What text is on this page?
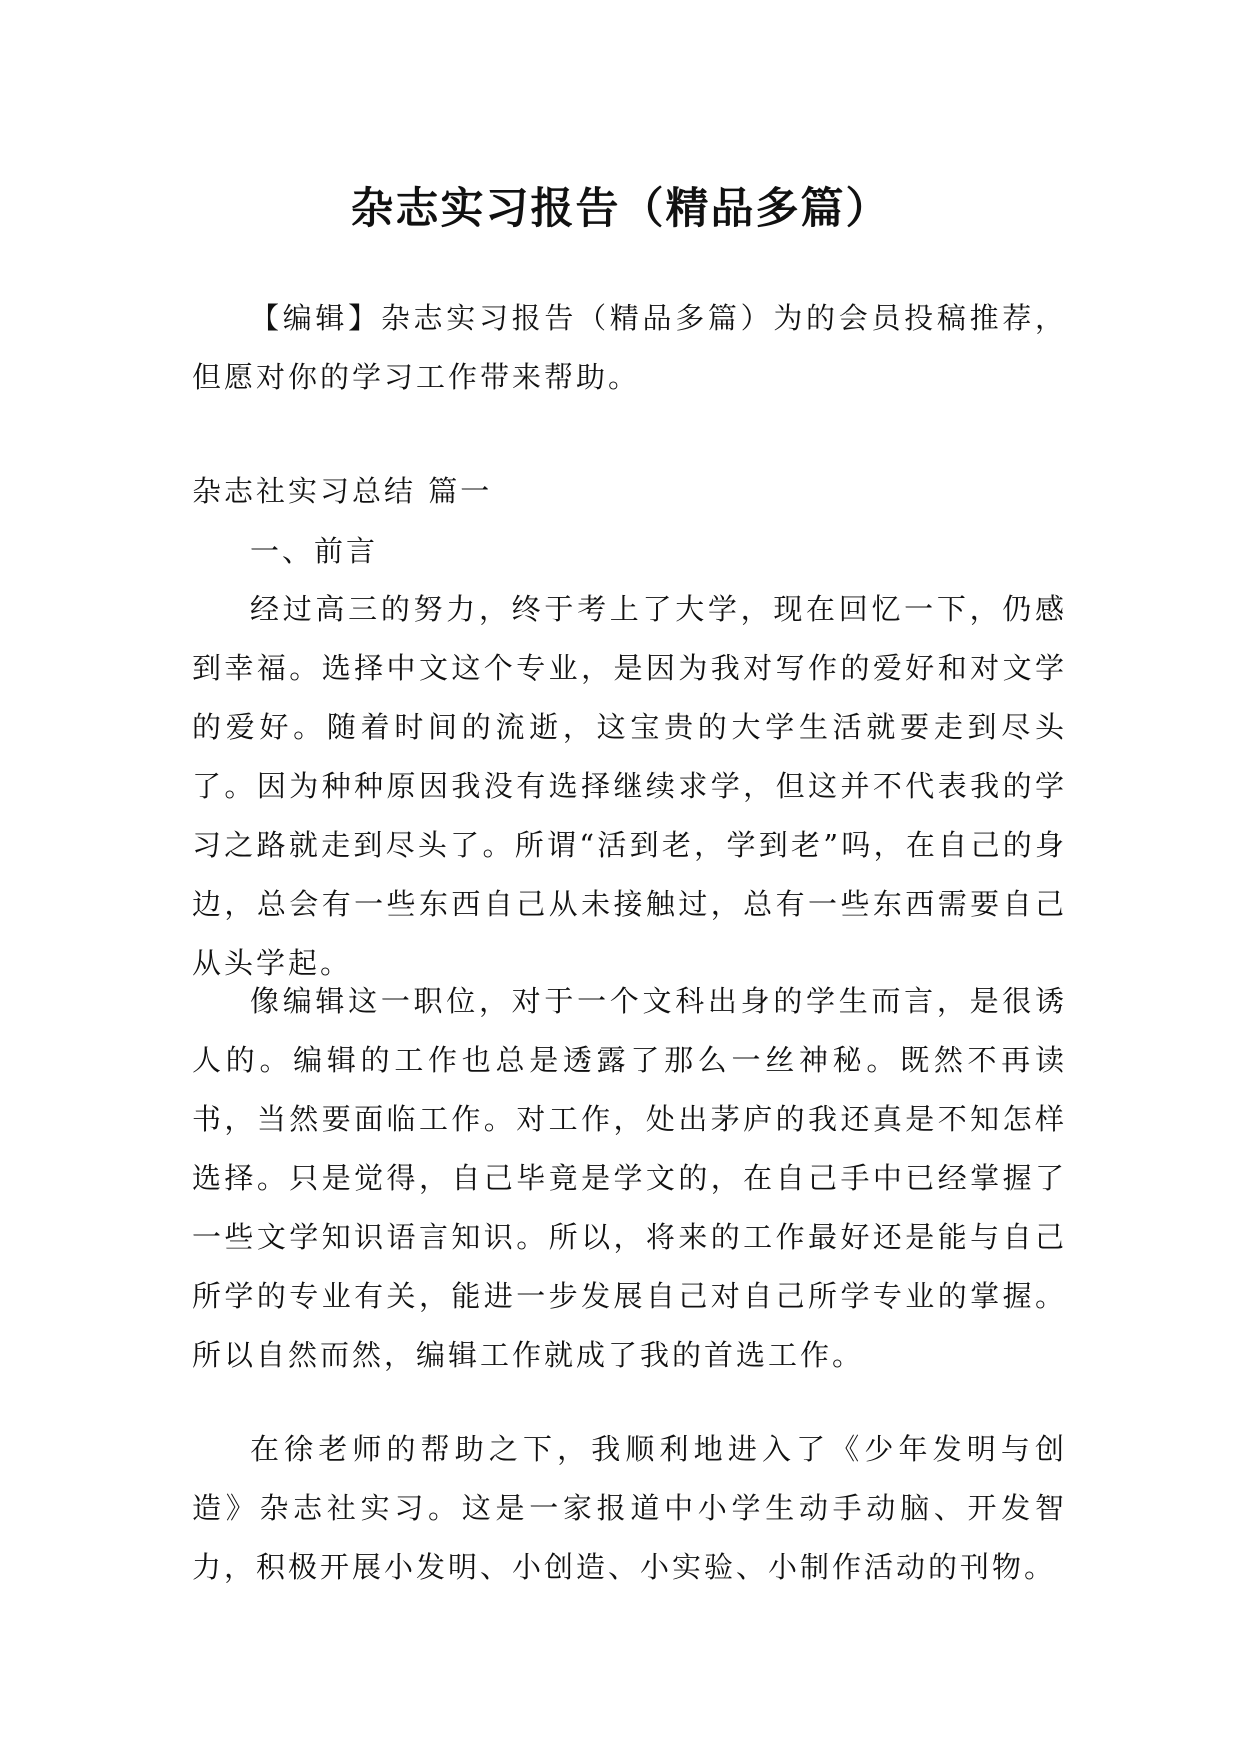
杂志实习报告（精品多篇）

【编辑】杂志实习报告（精品多篇）为的会员投稿推荐，但愿对你的学习工作带来帮助。

杂志社实习总结 篇一

一、前言

经过高三的努力，终于考上了大学，现在回忆一下，仍感到幸福。选择中文这个专业，是因为我对写作的爱好和对文学的爱好。随着时间的流逝，这宝贵的大学生活就要走到尽头了。因为种种原因我没有选择继续求学，但这并不代表我的学习之路就走到尽头了。所谓“活到老，学到老”吗，在自己的身边，总会有一些东西自己从未接触过，总有一些东西需要自己从头学起。

像编辑这一职位，对于一个文科出身的学生而言，是很诱人的。编辑的工作也总是透露了那么一丝神秘。既然不再读书，当然要面临工作。对工作，处出茅庐的我还真是不知怎样选择。只是觉得，自己毕竟是学文的，在自己手中已经掌握了一些文学知识语言知识。所以，将来的工作最好还是能与自己所学的专业有关，能进一步发展自己对自己所学专业的掌握。所以自然而然，编辑工作就成了我的首选工作。

在徐老师的帮助之下，我顺利地进入了《少年发明与创造》杂志社实习。这是一家报道中小学生动手动脑、开发智力，积极开展小发明、小创造、小实验、小制作活动的刊物。
